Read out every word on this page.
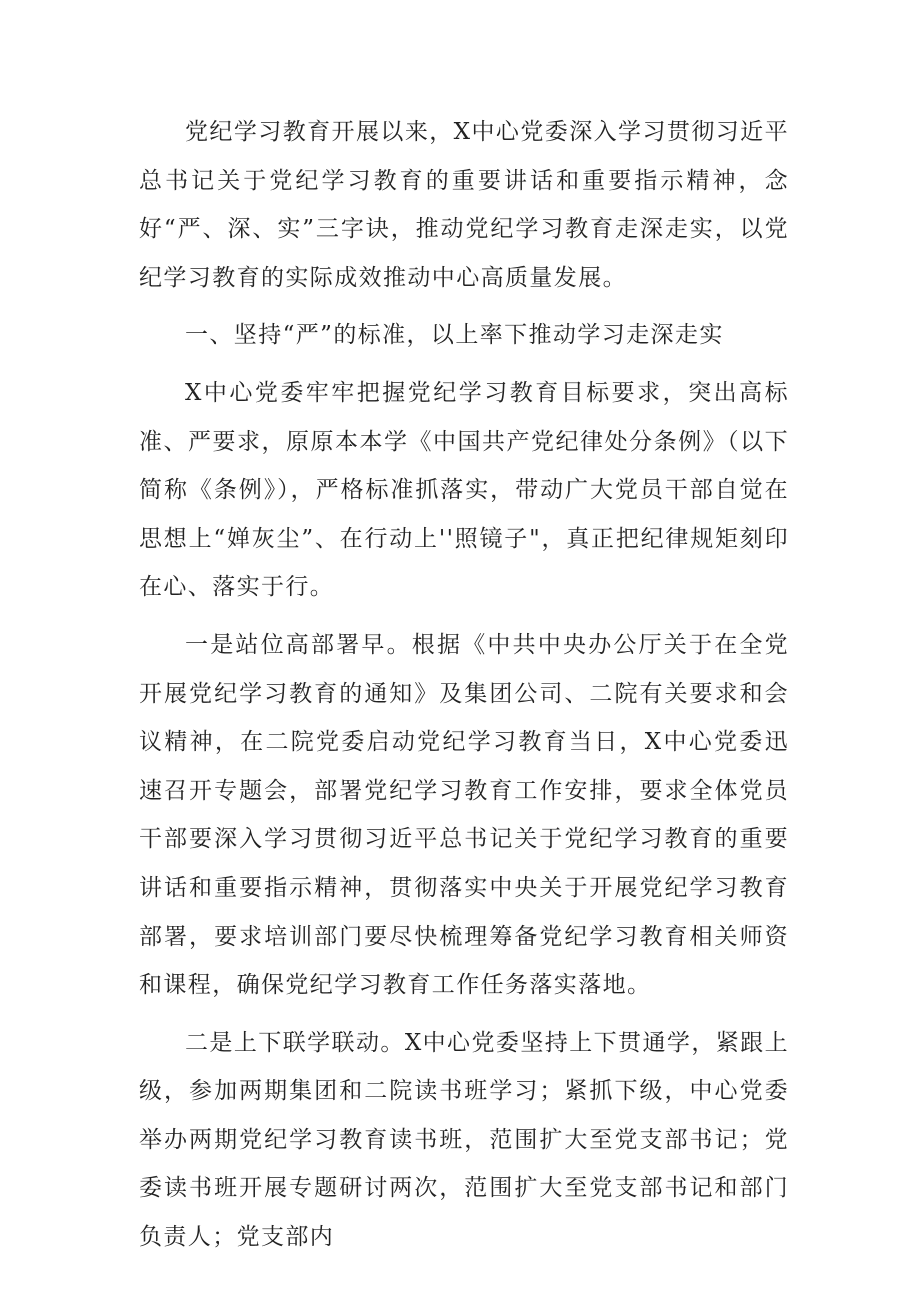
党纪学习教育开展以来，X中心党委深入学习贯彻习近平总书记关于党纪学习教育的重要讲话和重要指示精神，念好“严、深、实”三字诀，推动党纪学习教育走深走实，以党纪学习教育的实际成效推动中心高质量发展。

一、坚持“严”的标准，以上率下推动学习走深走实

X中心党委牢牢把握党纪学习教育目标要求，突出高标准、严要求，原原本本学《中国共产党纪律处分条例》（以下简称《条例》），严格标准抓落实，带动广大党员干部自觉在思想上“婵灰尘”、在行动上''照镜子"，真正把纪律规矩刻印在心、落实于行。

一是站位高部署早。根据《中共中央办公厅关于在全党开展党纪学习教育的通知》及集团公司、二院有关要求和会议精神，在二院党委启动党纪学习教育当日，X中心党委迅速召开专题会，部署党纪学习教育工作安排，要求全体党员干部要深入学习贯彻习近平总书记关于党纪学习教育的重要讲话和重要指示精神，贯彻落实中央关于开展党纪学习教育部署，要求培训部门要尽快梳理筹备党纪学习教育相关师资和课程，确保党纪学习教育工作任务落实落地。

二是上下联学联动。X中心党委坚持上下贯通学，紧跟上级，参加两期集团和二院读书班学习；紧抓下级，中心党委举办两期党纪学习教育读书班，范围扩大至党支部书记；党委读书班开展专题研讨两次，范围扩大至党支部书记和部门负责人；党支部内
